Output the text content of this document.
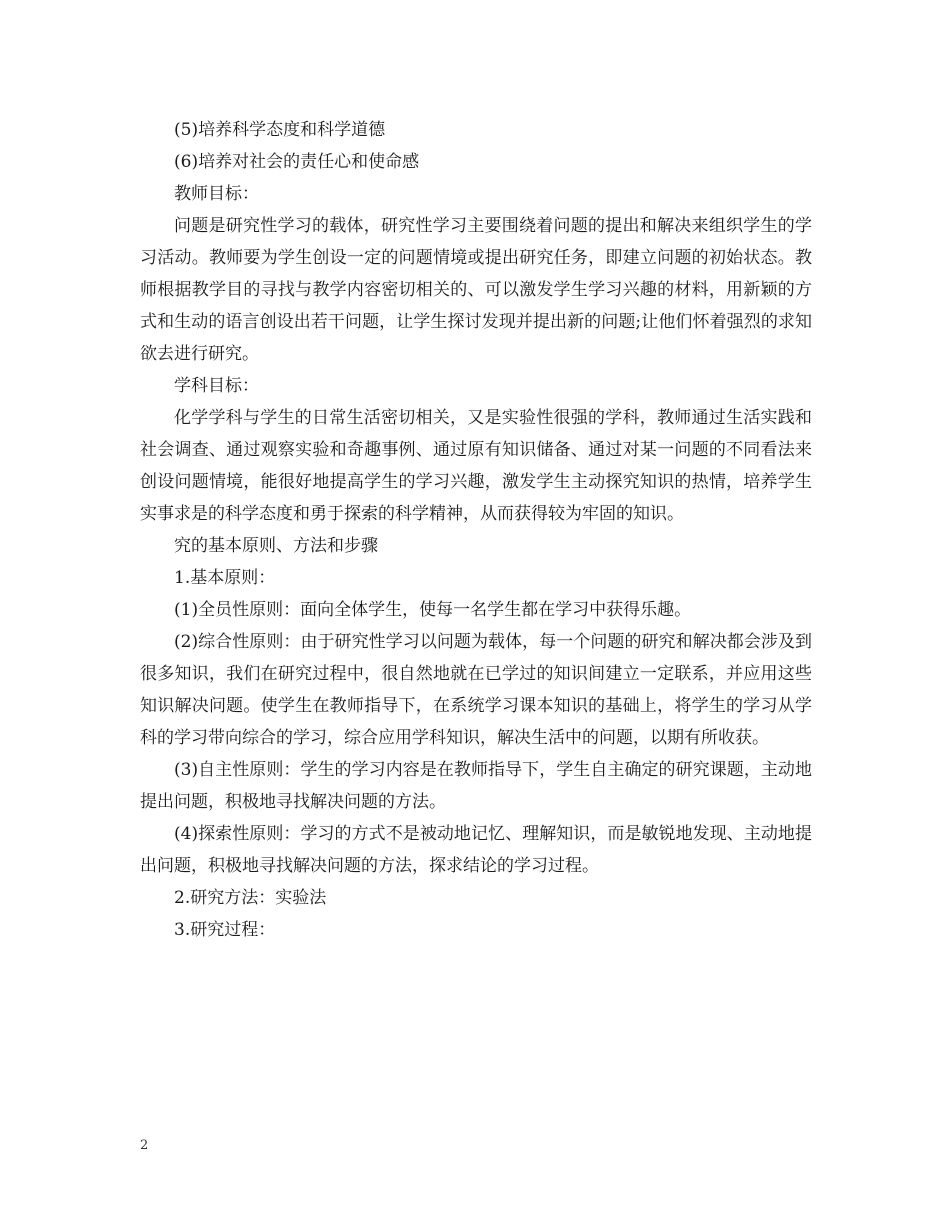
(5)培养科学态度和科学道德

(6)培养对社会的责任心和使命感

教师目标：

问题是研究性学习的载体，研究性学习主要围绕着问题的提出和解决来组织学生的学习活动。教师要为学生创设一定的问题情境或提出研究任务，即建立问题的初始状态。教师根据教学目的寻找与教学内容密切相关的、可以激发学生学习兴趣的材料，用新颖的方式和生动的语言创设出若干问题，让学生探讨发现并提出新的问题;让他们怀着强烈的求知欲去进行研究。

学科目标：

化学学科与学生的日常生活密切相关，又是实验性很强的学科，教师通过生活实践和社会调查、通过观察实验和奇趣事例、通过原有知识储备、通过对某一问题的不同看法来创设问题情境，能很好地提高学生的学习兴趣，激发学生主动探究知识的热情，培养学生实事求是的科学态度和勇于探索的科学精神，从而获得较为牢固的知识。

究的基本原则、方法和步骤

1.基本原则：

(1)全员性原则：面向全体学生，使每一名学生都在学习中获得乐趣。

(2)综合性原则：由于研究性学习以问题为载体，每一个问题的研究和解决都会涉及到很多知识，我们在研究过程中，很自然地就在已学过的知识间建立一定联系，并应用这些知识解决问题。使学生在教师指导下，在系统学习课本知识的基础上，将学生的学习从学科的学习带向综合的学习，综合应用学科知识，解决生活中的问题，以期有所收获。

(3)自主性原则：学生的学习内容是在教师指导下，学生自主确定的研究课题，主动地提出问题，积极地寻找解决问题的方法。

(4)探索性原则：学习的方式不是被动地记忆、理解知识，而是敏锐地发现、主动地提出问题，积极地寻找解决问题的方法，探求结论的学习过程。

2.研究方法：实验法

3.研究过程：

2
